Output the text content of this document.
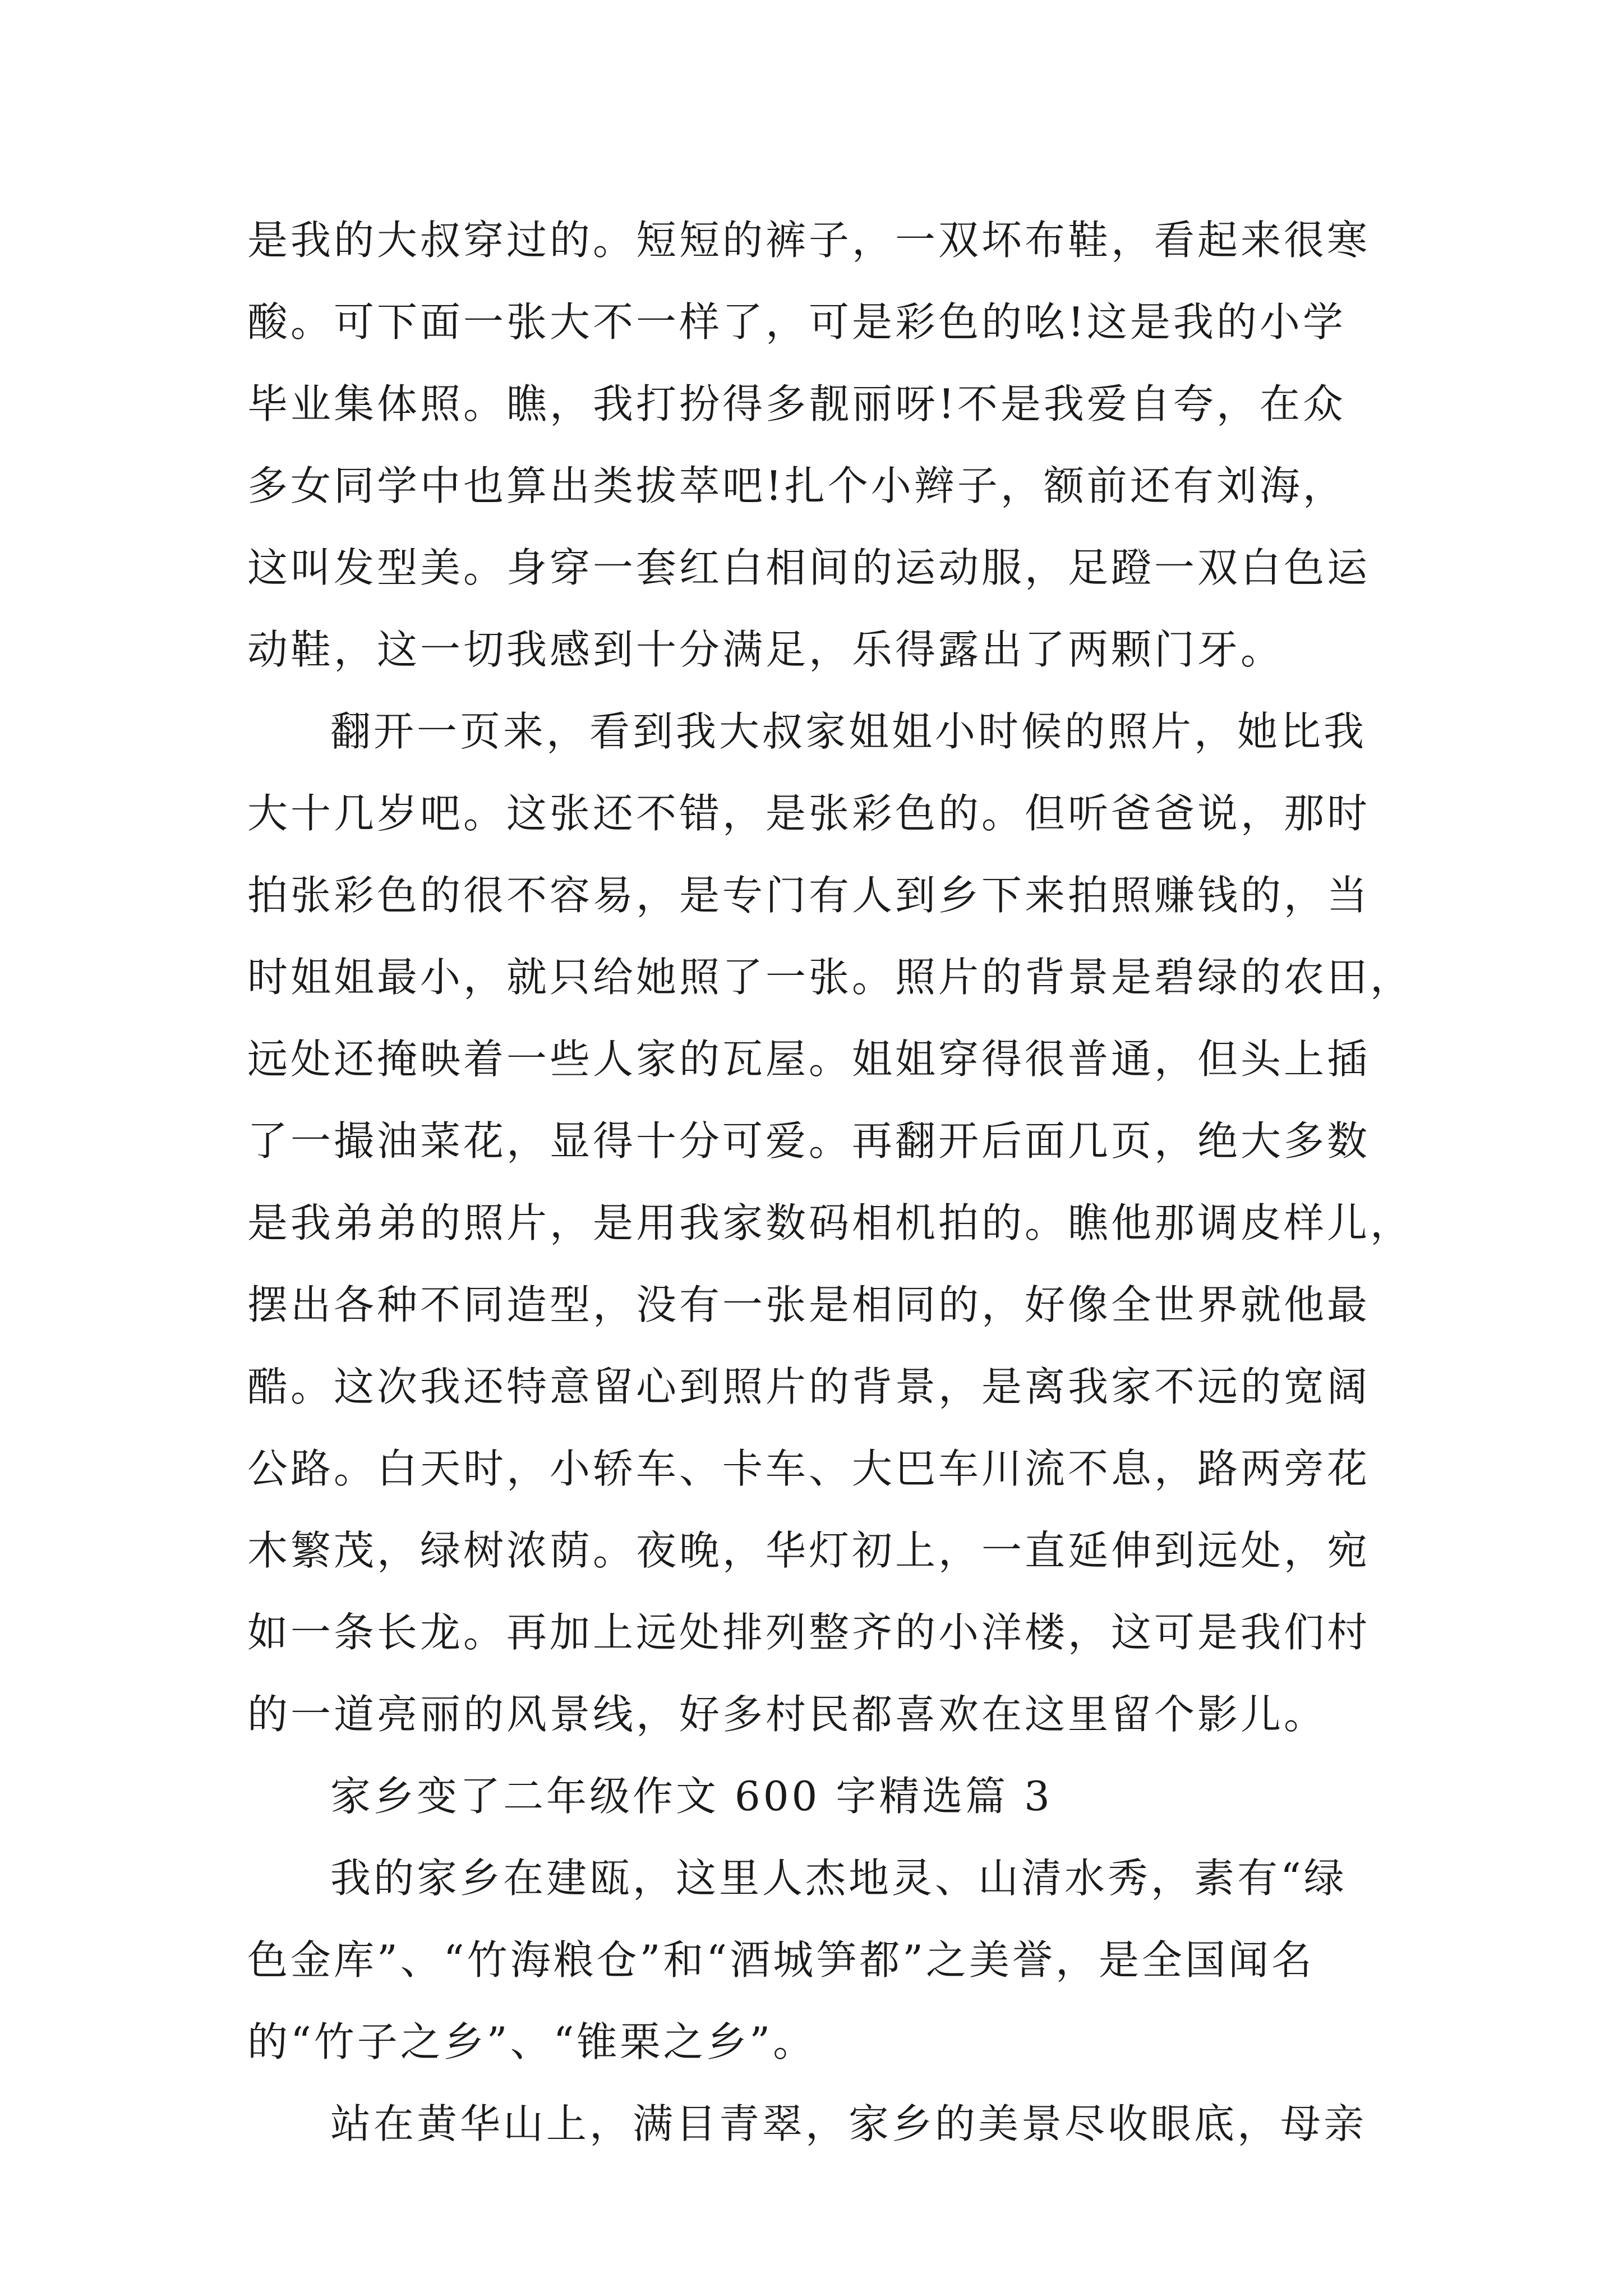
是我的大叔穿过的。短短的裤子，一双坏布鞋，看起来很寒
酸。可下面一张大不一样了，可是彩色的吆!这是我的小学
毕业集体照。瞧，我打扮得多靓丽呀!不是我爱自夸，在众
多女同学中也算出类拔萃吧!扎个小辫子，额前还有刘海，
这叫发型美。身穿一套红白相间的运动服，足蹬一双白色运
动鞋，这一切我感到十分满足，乐得露出了两颗门牙。
翻开一页来，看到我大叔家姐姐小时候的照片，她比我
大十几岁吧。这张还不错，是张彩色的。但听爸爸说，那时
拍张彩色的很不容易，是专门有人到乡下来拍照赚钱的，当
时姐姐最小，就只给她照了一张。照片的背景是碧绿的农田，
远处还掩映着一些人家的瓦屋。姐姐穿得很普通，但头上插
了一撮油菜花，显得十分可爱。再翻开后面几页，绝大多数
是我弟弟的照片，是用我家数码相机拍的。瞧他那调皮样儿，
摆出各种不同造型，没有一张是相同的，好像全世界就他最
酷。这次我还特意留心到照片的背景，是离我家不远的宽阔
公路。白天时，小轿车、卡车、大巴车川流不息，路两旁花
木繁茂，绿树浓荫。夜晚，华灯初上，一直延伸到远处，宛
如一条长龙。再加上远处排列整齐的小洋楼，这可是我们村
的一道亮丽的风景线，好多村民都喜欢在这里留个影儿。
家乡变了二年级作文 600 字精选篇 3
我的家乡在建瓯，这里人杰地灵、山清水秀，素有“绿
色金库”、“竹海粮仓”和“酒城笋都”之美誉，是全国闻名
的“竹子之乡”、“锥栗之乡”。
站在黄华山上，满目青翠，家乡的美景尽收眼底，母亲
